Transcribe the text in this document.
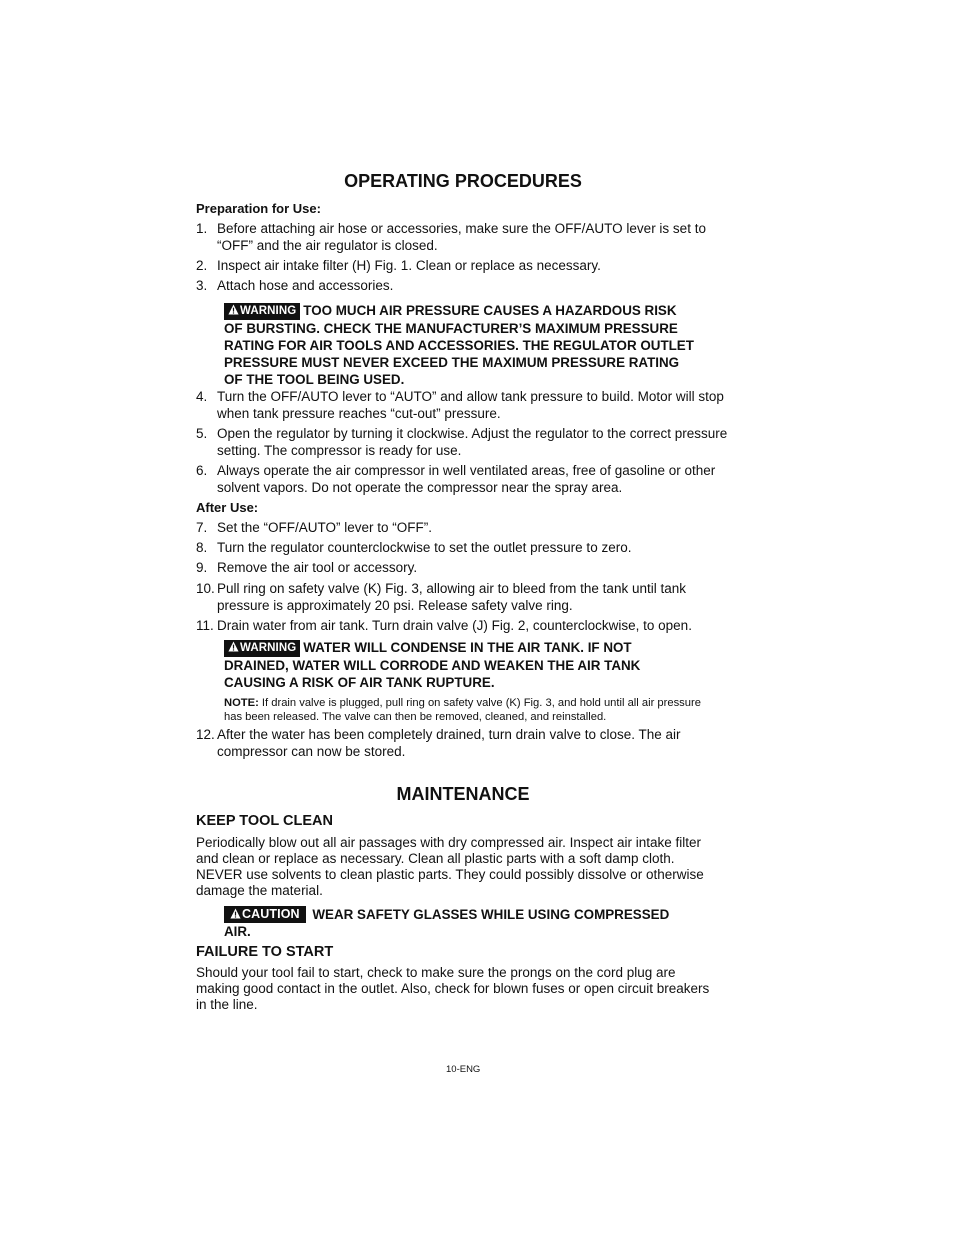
OPERATING PROCEDURES
Preparation for Use:
1. Before attaching air hose or accessories, make sure the OFF/AUTO lever is set to “OFF” and the air regulator is closed.
2. Inspect air intake filter (H) Fig. 1. Clean or replace as necessary.
3. Attach hose and accessories.
WARNING TOO MUCH AIR PRESSURE CAUSES A HAZARDOUS RISK OF BURSTING. CHECK THE MANUFACTURER’S MAXIMUM PRESSURE RATING FOR AIR TOOLS AND ACCESSORIES. THE REGULATOR OUTLET PRESSURE MUST NEVER EXCEED THE MAXIMUM PRESSURE RATING OF THE TOOL BEING USED.
4. Turn the OFF/AUTO lever to “AUTO” and allow tank pressure to build. Motor will stop when tank pressure reaches “cut-out” pressure.
5. Open the regulator by turning it clockwise. Adjust the regulator to the correct pressure setting. The compressor is ready for use.
6. Always operate the air compressor in well ventilated areas, free of gasoline or other solvent vapors. Do not operate the compressor near the spray area.
After Use:
7. Set the “OFF/AUTO” lever to “OFF”.
8. Turn the regulator counterclockwise to set the outlet pressure to zero.
9. Remove the air tool or accessory.
10. Pull ring on safety valve (K) Fig. 3, allowing air to bleed from the tank until tank pressure is approximately 20 psi. Release safety valve ring.
11. Drain water from air tank. Turn drain valve (J) Fig. 2, counterclockwise, to open.
WARNING WATER WILL CONDENSE IN THE AIR TANK. IF NOT DRAINED, WATER WILL CORRODE AND WEAKEN THE AIR TANK CAUSING A RISK OF AIR TANK RUPTURE.
NOTE: If drain valve is plugged, pull ring on safety valve (K) Fig. 3, and hold until all air pressure has been released. The valve can then be removed, cleaned, and reinstalled.
12. After the water has been completely drained, turn drain valve to close. The air compressor can now be stored.
MAINTENANCE
KEEP TOOL CLEAN
Periodically blow out all air passages with dry compressed air. Inspect air intake filter and clean or replace as necessary. Clean all plastic parts with a soft damp cloth. NEVER use solvents to clean plastic parts. They could possibly dissolve or otherwise damage the material.
CAUTION WEAR SAFETY GLASSES WHILE USING COMPRESSED AIR.
FAILURE TO START
Should your tool fail to start, check to make sure the prongs on the cord plug are making good contact in the outlet. Also, check for blown fuses or open circuit breakers in the line.
10-ENG
